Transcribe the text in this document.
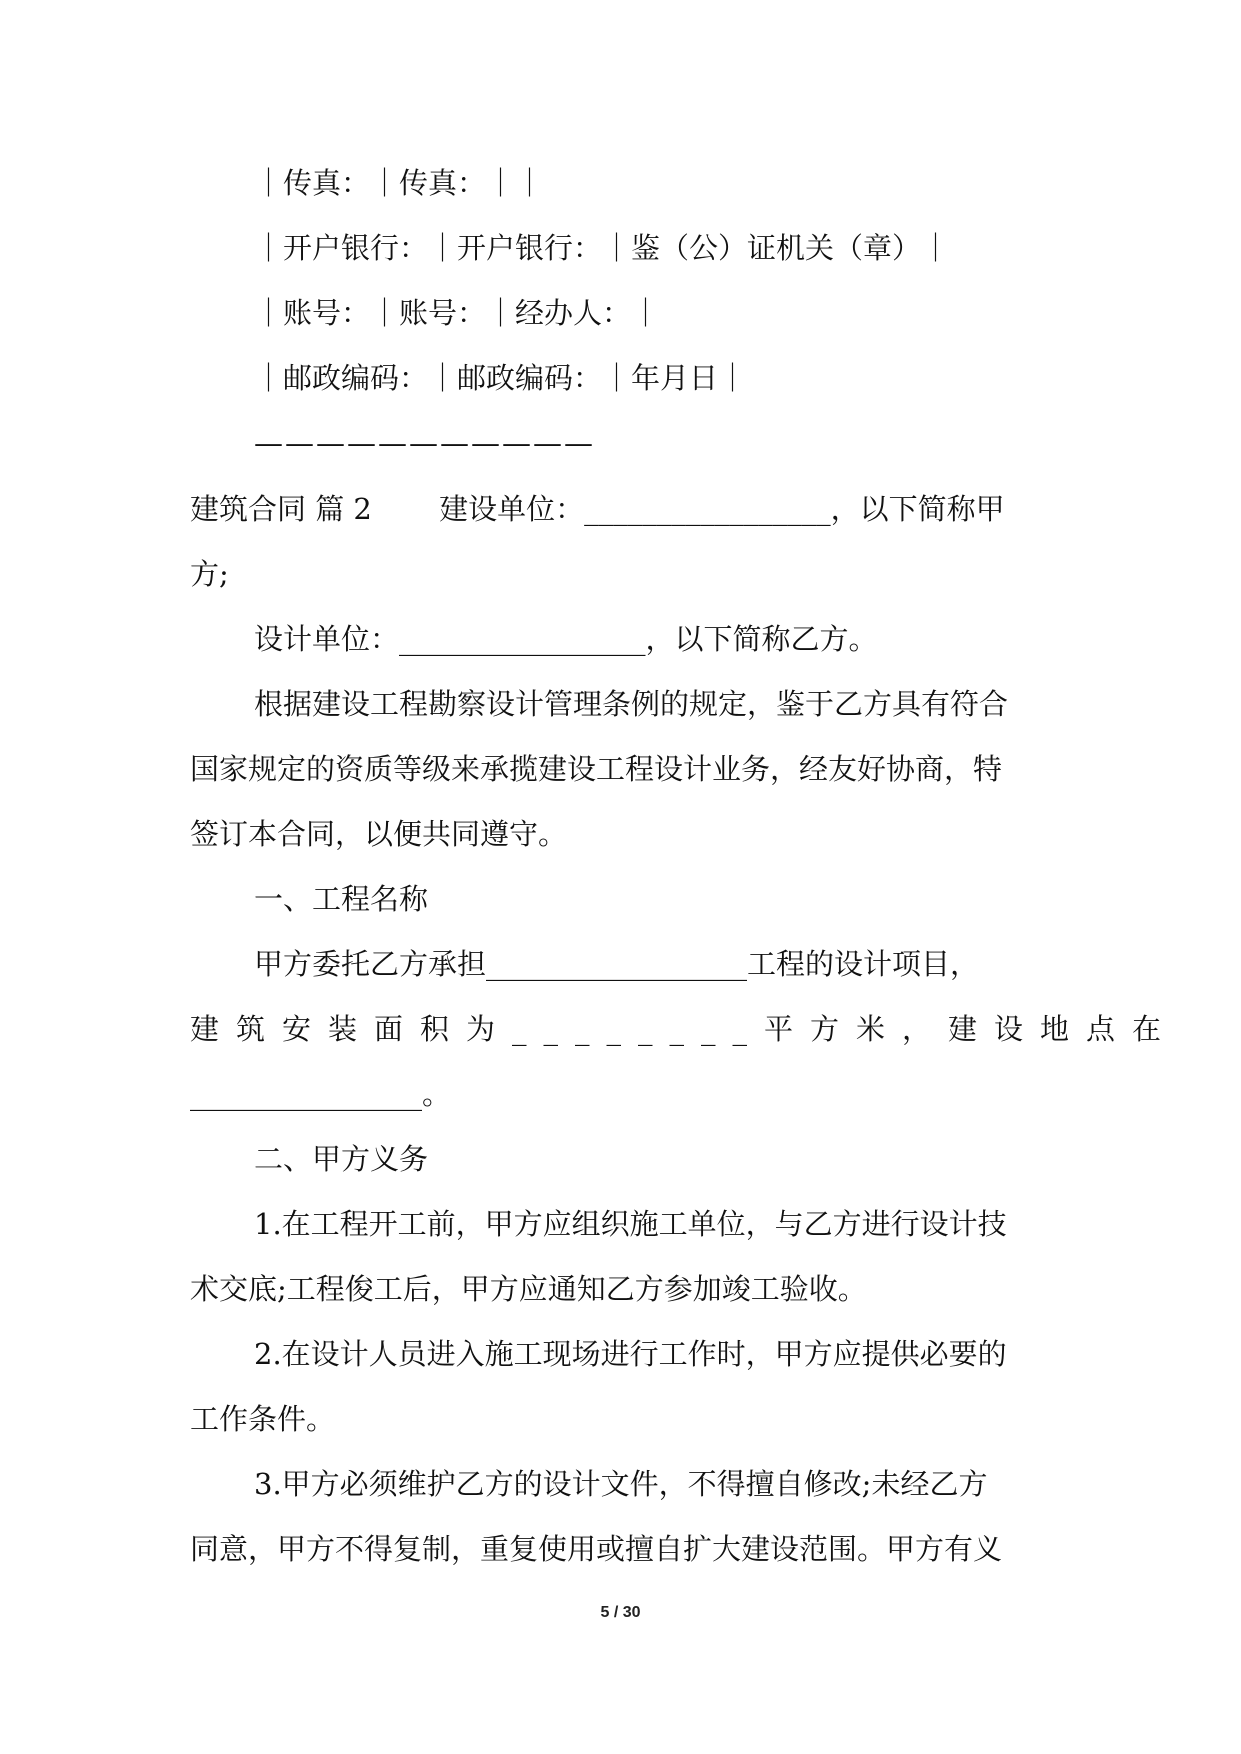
｜传真：｜传真：｜｜
｜开户银行：｜开户银行：｜鉴（公）证机关（章）｜
｜账号：｜账号：｜经办人：｜
｜邮政编码：｜邮政编码：｜年月日｜
———————————
建筑合同 篇 2　　 建设单位：_________________，以下简称甲
方;
设计单位：_________________，以下简称乙方。
根据建设工程勘察设计管理条例的规定，鉴于乙方具有符合
国家规定的资质等级来承揽建设工程设计业务，经友好协商，特
签订本合同，以便共同遵守。
一、工程名称
甲方委托乙方承担__________________工程的设计项目，
建筑安装面积为________平方米，建设地点在
________________。
二、甲方义务
1.在工程开工前，甲方应组织施工单位，与乙方进行设计技
术交底;工程俊工后，甲方应通知乙方参加竣工验收。
2.在设计人员进入施工现场进行工作时，甲方应提供必要的
工作条件。
3.甲方必须维护乙方的设计文件，不得擅自修改;未经乙方
同意，甲方不得复制，重复使用或擅自扩大建设范围。甲方有义
5 / 30
